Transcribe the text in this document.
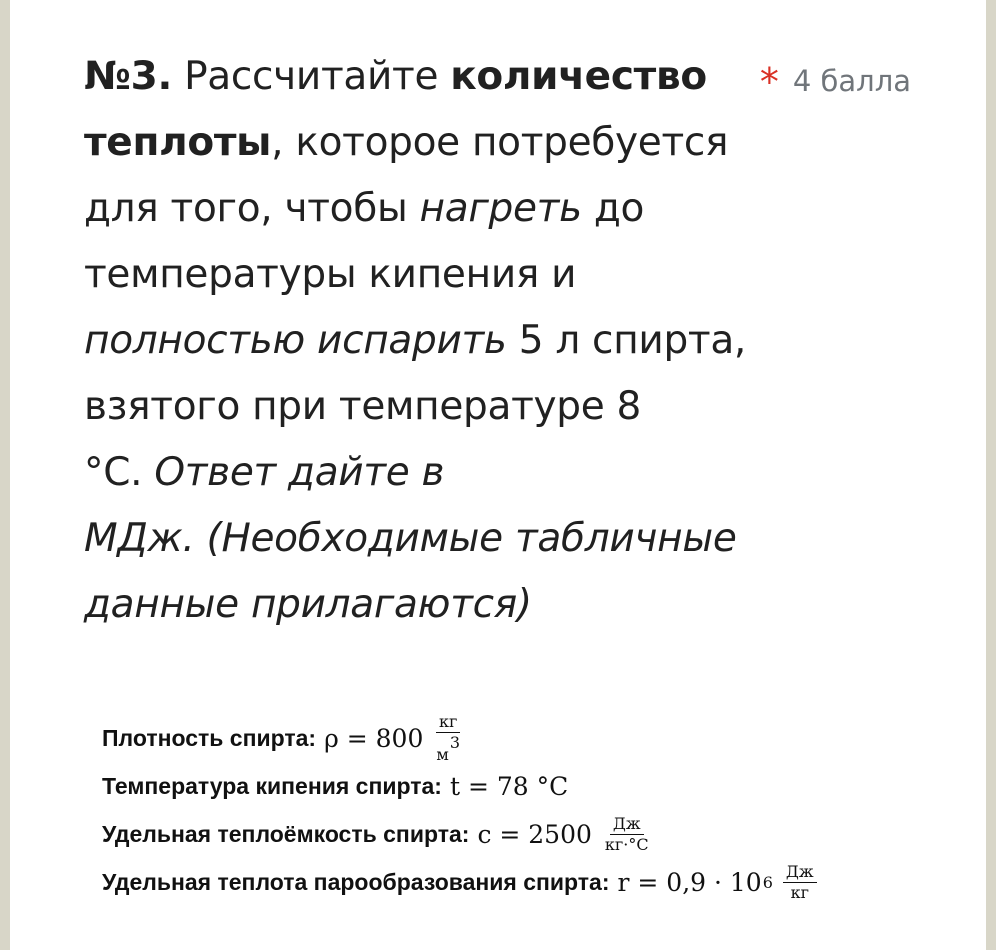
№3. Рассчитайте количество
теплоты, которое потребуется
для того, чтобы нагреть до
температуры кипения и
полностью испарить 5 л спирта,
взятого при температуре 8
°С. Ответ дайте в
МДж. (Необходимые табличные
данные прилагаются)
* 4 балла
Плотность спирта: $\rho = 800 \frac{кг}{м^3}$
Температура кипения спирта: t = 78 °C
Удельная теплоёмкость спирта: $c = 2500 \frac{Дж}{кг\cdot^\circ С}$
Удельная теплота парообразования спирта: r = 0,9 · 10 $6 \frac{Дж}{кг}$
